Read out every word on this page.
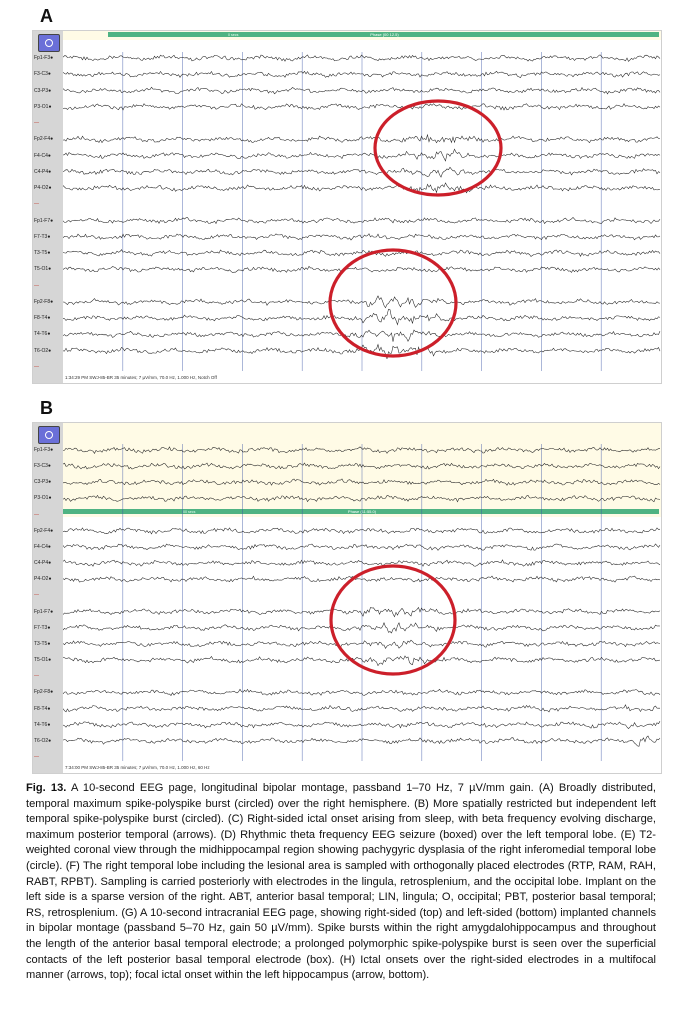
A
Phase (00 12.5)
0 secs
Fp1-F3●
F3-C3●
C3-P3●
P3-O1●
—
Fp2-F4●
F4-C4●
C4-P4●
P4-O2●
—
Fp1-F7●
F7-T3●
T3-T5●
T5-O1●
—
Fp2-F8●
F8-T4●
T4-T6●
T6-O2●
—
1:34:29 PM SWJ-85-BR 35 minutes; 7 µV/mm, 70.0 Hz, 1.000 Hz, Notch Off
B
Phase (11:55.0)
00 secs
Fp1-F3●
F3-C3●
C3-P3●
P3-O1●
—
Fp2-F4●
F4-C4●
C4-P4●
P4-O2●
—
Fp1-F7●
F7-T3●
T3-T5●
T5-O1●
—
Fp2-F8●
F8-T4●
T4-T6●
T6-O2●
—
7:34:00 PM SWJ-85-BR 35 minutes; 7 µV/mm, 70.0 Hz, 1.000 Hz, 60 Hz
Fig. 13. A 10-second EEG page, longitudinal bipolar montage, passband 1–70 Hz, 7 µV/mm gain. (A) Broadly distributed, temporal maximum spike-polyspike burst (circled) over the right hemisphere. (B) More spatially restricted but independent left temporal spike-polyspike burst (circled). (C) Right-sided ictal onset arising from sleep, with beta frequency evolving discharge, maximum posterior temporal (arrows). (D) Rhythmic theta frequency EEG seizure (boxed) over the left temporal lobe. (E) T2-weighted coronal view through the midhippocampal region showing pachygyric dysplasia of the right inferomedial temporal lobe (circle). (F) The right temporal lobe including the lesional area is sampled with orthogonally placed electrodes (RTP, RAM, RAH, RABT, RPBT). Sampling is carried posteriorly with electrodes in the lingula, retrosplenium, and the occipital lobe. Implant on the left side is a sparse version of the right. ABT, anterior basal temporal; LIN, lingula; O, occipital; PBT, posterior basal temporal; RS, retrosplenium. (G) A 10-second intracranial EEG page, showing right-sided (top) and left-sided (bottom) implanted channels in bipolar montage (passband 5–70 Hz, gain 50 µV/mm). Spike bursts within the right amygdalohippocampus and throughout the length of the anterior basal temporal electrode; a prolonged polymorphic spike-polyspike burst is seen over the superficial contacts of the left posterior basal temporal electrode (box). (H) Ictal onsets over the right-sided electrodes in a multifocal manner (arrows, top); focal ictal onset within the left hippocampus (arrow, bottom).
